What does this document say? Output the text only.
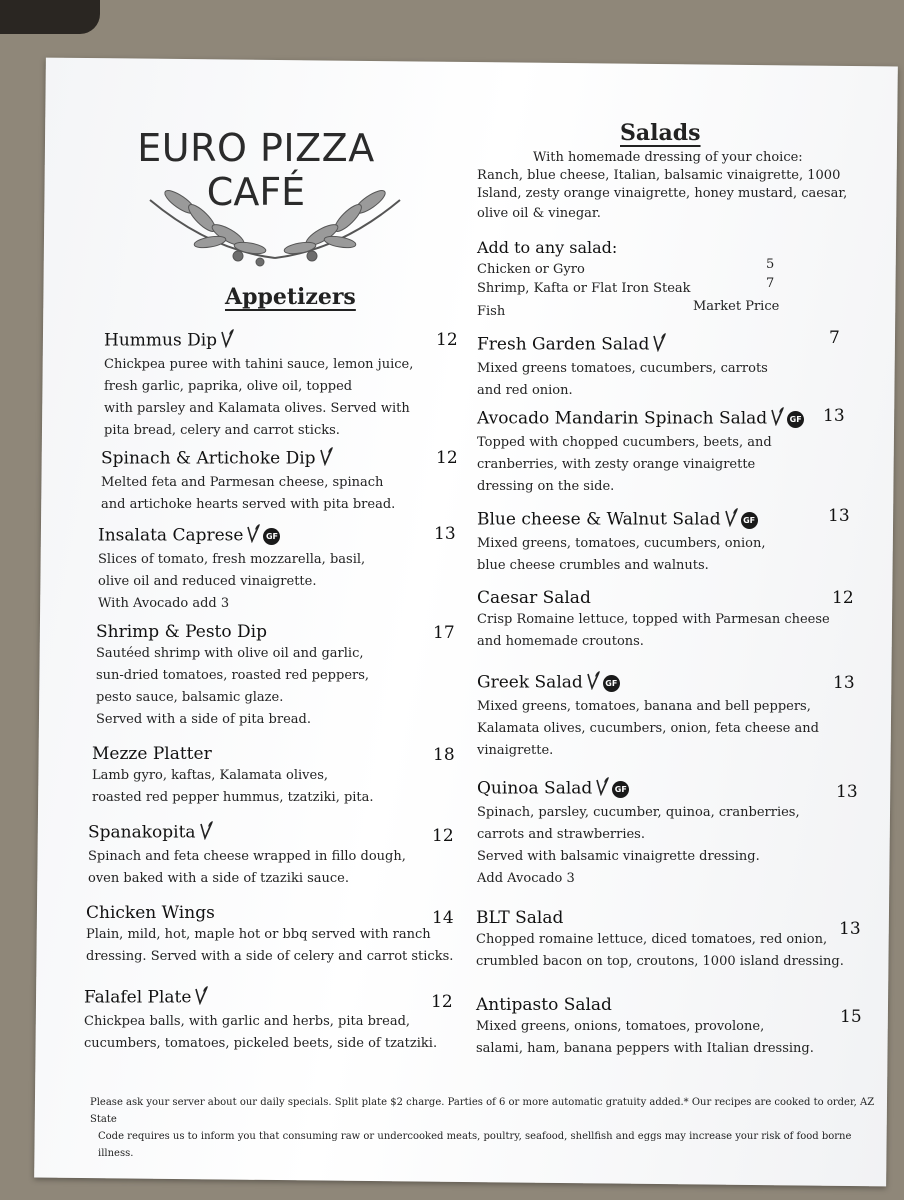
EURO PIZZA
CAFÉ
Appetizers
Hummus Dip
Chickpea puree with tahini sauce, lemon juice,
fresh garlic, paprika, olive oil, topped
with parsley and Kalamata olives. Served with
pita bread, celery and carrot sticks.
12
Spinach & Artichoke Dip
Melted feta and Parmesan cheese, spinach
and artichoke hearts served with pita bread.
12
Insalata Caprese	GF
Slices of tomato, fresh mozzarella, basil,
olive oil and reduced vinaigrette.
With Avocado add 3
13
Shrimp & Pesto Dip
Sautéed shrimp with olive oil and garlic,
sun-dried tomatoes, roasted red peppers,
pesto sauce, balsamic glaze.
Served with a side of pita bread.
17
Mezze Platter
Lamb gyro, kaftas, Kalamata olives,
roasted red pepper hummus, tzatziki, pita.
18
Spanakopita
Spinach and feta cheese wrapped in fillo dough,
oven baked with a side of tzaziki sauce.
12
Chicken Wings
Plain, mild, hot, maple hot or bbq served with ranch
dressing. Served with a side of celery and carrot sticks.
14
Falafel Plate
Chickpea balls, with garlic and herbs, pita bread,
cucumbers, tomatoes, pickeled beets, side of tzatziki.
12
Salads
With homemade dressing of your choice:
Ranch, blue cheese, Italian, balsamic vinaigrette, 1000
Island, zesty orange vinaigrette, honey mustard, caesar,
olive oil & vinegar.
Add to any salad:
Chicken or Gyro	5
Shrimp, Kafta or Flat Iron Steak	7
Fish	Market Price
Fresh Garden Salad
Mixed greens tomatoes, cucumbers, carrots
and red onion.
7
Avocado Mandarin Spinach Salad	GF
Topped with chopped cucumbers, beets, and
cranberries, with zesty orange vinaigrette
dressing on the side.
13
Blue cheese & Walnut Salad	GF
Mixed greens, tomatoes, cucumbers, onion,
blue cheese crumbles and walnuts.
13
Caesar Salad
Crisp Romaine lettuce, topped with Parmesan cheese
and homemade croutons.
12
Greek Salad	GF
Mixed greens, tomatoes, banana and bell peppers,
Kalamata olives, cucumbers, onion, feta cheese and
vinaigrette.
13
Quinoa Salad	GF
Spinach, parsley, cucumber, quinoa, cranberries,
carrots and strawberries.
Served with balsamic vinaigrette dressing.
Add Avocado 3
13
BLT Salad
Chopped romaine lettuce, diced tomatoes, red onion,
crumbled bacon on top, croutons, 1000 island dressing.
13
Antipasto Salad
Mixed greens, onions, tomatoes, provolone,
salami, ham, banana peppers with Italian dressing.
15
Please ask your server about our daily specials. Split plate $2 charge. Parties of 6 or more automatic gratuity added.* Our recipes are cooked to order, AZ State
Code requires us to inform you that consuming raw or undercooked meats, poultry, seafood, shellfish and eggs may increase your risk of food borne illness.
